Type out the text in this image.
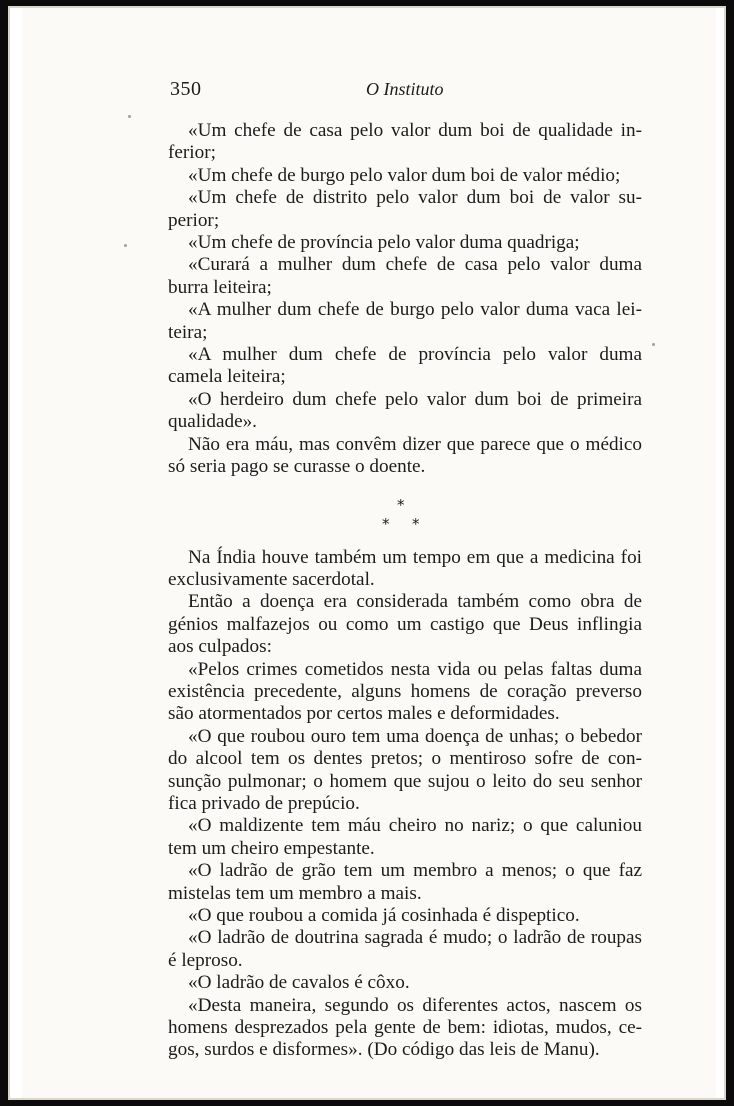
350	O Instituto

«Um chefe de casa pelo valor dum boi de qualidade inferior;

«Um chefe de burgo pelo valor dum boi de valor médio;

«Um chefe de distrito pelo valor dum boi de valor superior;

«Um chefe de província pelo valor duma quadriga;

«Curará a mulher dum chefe de casa pelo valor duma burra leiteira;

«A mulher dum chefe de burgo pelo valor duma vaca leiteira;

«A mulher dum chefe de província pelo valor duma camela leiteira;

«O herdeiro dum chefe pelo valor dum boi de primeira qualidade».

Não era máu, mas convêm dizer que parece que o médico só seria pago se curasse o doente.

*
* *

Na Índia houve também um tempo em que a medicina foi exclusivamente sacerdotal.

Então a doença era considerada também como obra de génios malfazejos ou como um castigo que Deus inflingia aos culpados:

«Pelos crimes cometidos nesta vida ou pelas faltas duma existência precedente, alguns homens de coração preverso são atormentados por certos males e deformidades.

«O que roubou ouro tem uma doença de unhas; o bebedor do alcool tem os dentes pretos; o mentiroso sofre de consunção pulmonar; o homem que sujou o leito do seu senhor fica privado de prepúcio.

«O maldizente tem máu cheiro no nariz; o que caluniou tem um cheiro empestante.

«O ladrão de grão tem um membro a menos; o que faz mistelas tem um membro a mais.

«O que roubou a comida já cosinhada é dispeptico.

«O ladrão de doutrina sagrada é mudo; o ladrão de roupas é leproso.

«O ladrão de cavalos é côxo.

«Desta maneira, segundo os diferentes actos, nascem os homens desprezados pela gente de bem: idiotas, mudos, cegos, surdos e disformes». (Do código das leis de Manu).
